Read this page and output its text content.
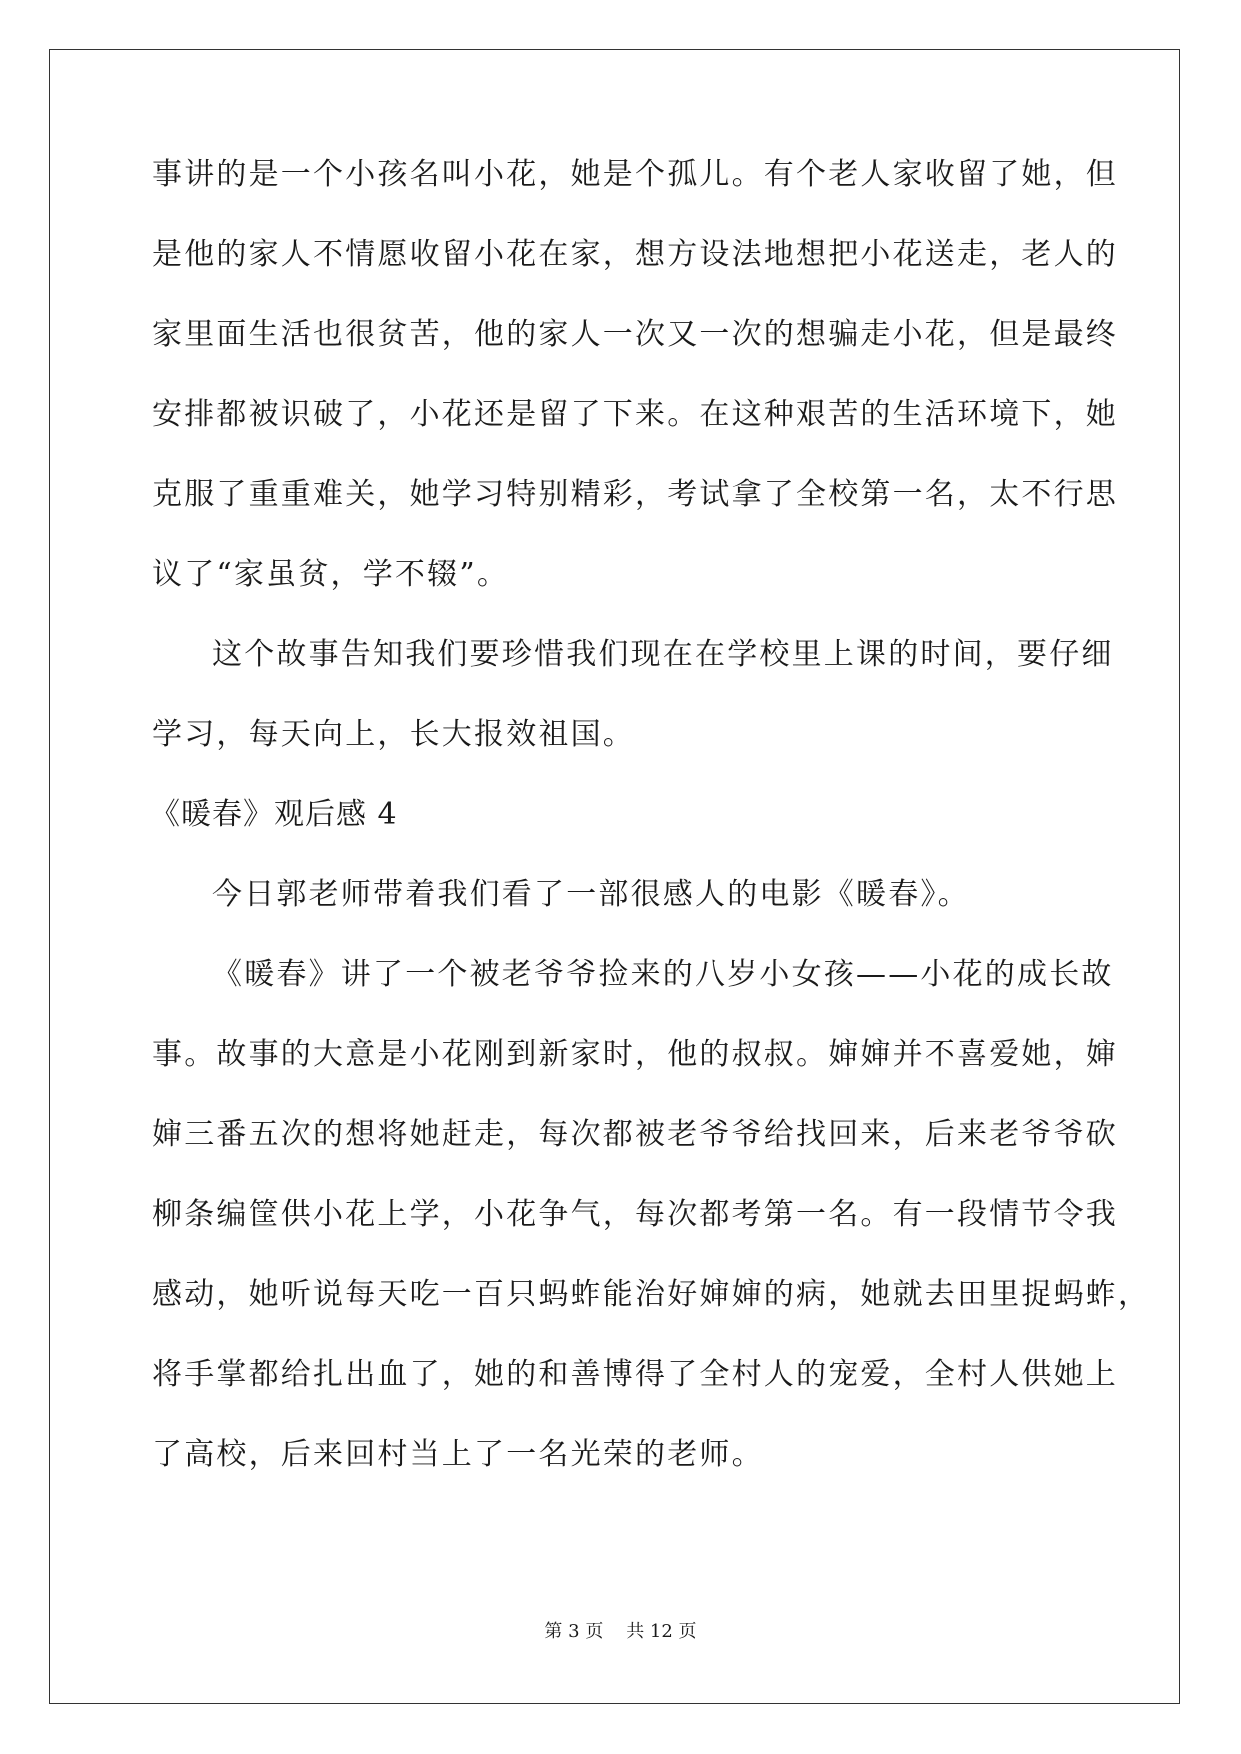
事讲的是一个小孩名叫小花，她是个孤儿。有个老人家收留了她，但
是他的家人不情愿收留小花在家，想方设法地想把小花送走，老人的
家里面生活也很贫苦，他的家人一次又一次的想骗走小花，但是最终
安排都被识破了，小花还是留了下来。在这种艰苦的生活环境下，她
克服了重重难关，她学习特别精彩，考试拿了全校第一名，太不行思
议了“家虽贫，学不辍”。
这个故事告知我们要珍惜我们现在在学校里上课的时间，要仔细
学习，每天向上，长大报效祖国。
《暖春》观后感 4
今日郭老师带着我们看了一部很感人的电影《暖春》。
《暖春》讲了一个被老爷爷捡来的八岁小女孩——小花的成长故
事。故事的大意是小花刚到新家时，他的叔叔。婶婶并不喜爱她，婶
婶三番五次的想将她赶走，每次都被老爷爷给找回来，后来老爷爷砍
柳条编筐供小花上学，小花争气，每次都考第一名。有一段情节令我
感动，她听说每天吃一百只蚂蚱能治好婶婶的病，她就去田里捉蚂蚱，
将手掌都给扎出血了，她的和善博得了全村人的宠爱，全村人供她上
了高校，后来回村当上了一名光荣的老师。
第 3 页    共 12 页
